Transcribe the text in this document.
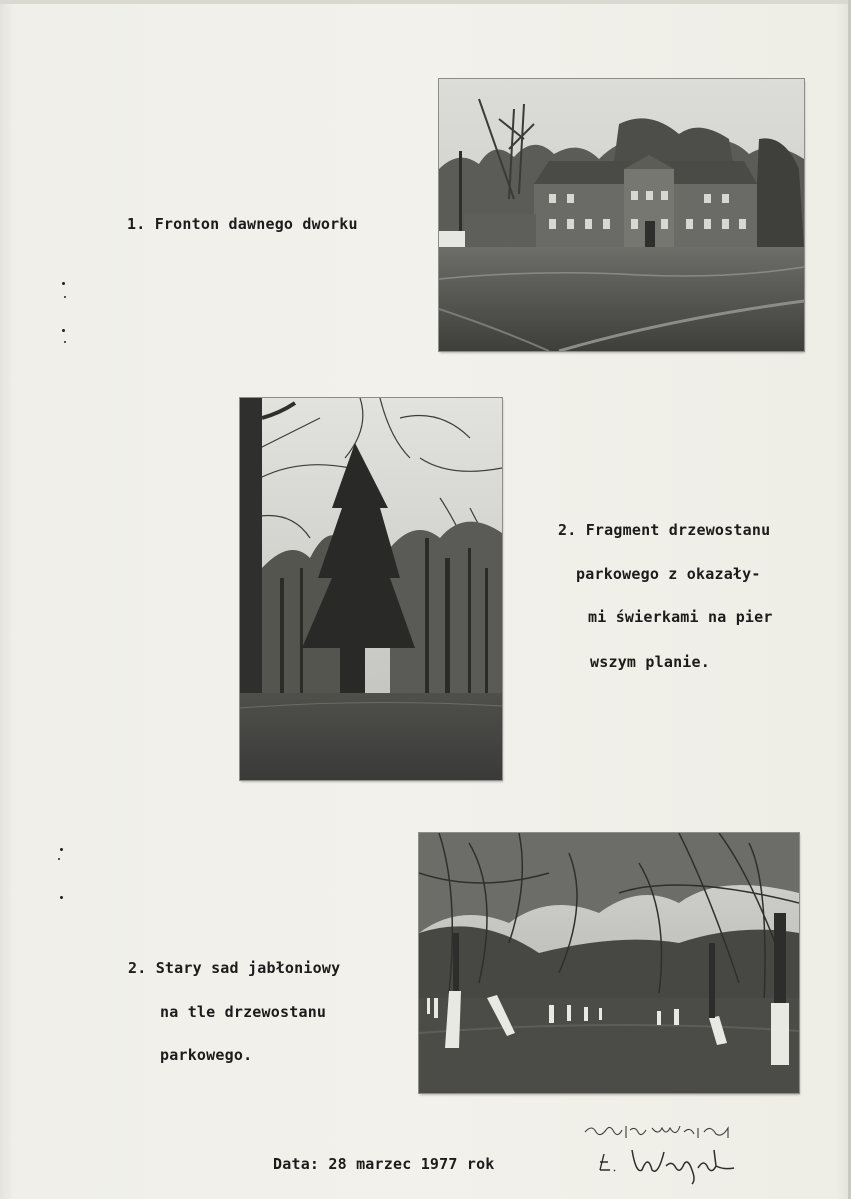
1. Fronton dawnego dworku
2. Fragment drzewostanu
parkowego z okazały-
mi świerkami na pier
wszym planie.
2. Stary sad jabłoniowy
na tle drzewostanu
parkowego.
Data: 28 marzec 1977 rok
